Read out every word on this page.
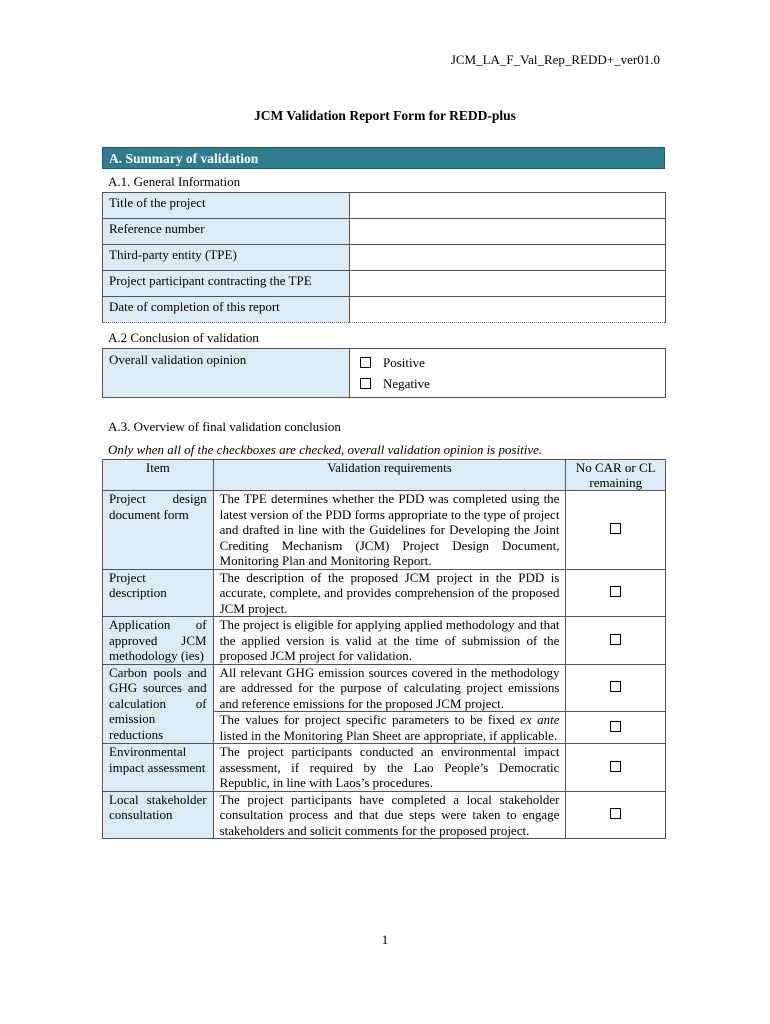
JCM_LA_F_Val_Rep_REDD+_ver01.0
JCM Validation Report Form for REDD-plus
A. Summary of validation
A.1. General Information
Title of the project	
Reference number	
Third-party entity (TPE)	
Project participant contracting the TPE	
Date of completion of this report	
A.2 Conclusion of validation
Overall validation opinion	Positive
Negative
A.3. Overview of final validation conclusion
Only when all of the checkboxes are checked, overall validation opinion is positive.
Item	Validation requirements	No CAR or CL remaining
Project design document form	The TPE determines whether the PDD was completed using the latest version of the PDD forms appropriate to the type of project and drafted in line with the Guidelines for Developing the Joint Crediting Mechanism (JCM) Project Design Document, Monitoring Plan and Monitoring Report.	
Project description	The description of the proposed JCM project in the PDD is accurate, complete, and provides comprehension of the proposed JCM project.	
Application of approved JCM methodology (ies)	The project is eligible for applying applied methodology and that the applied version is valid at the time of submission of the proposed JCM project for validation.	
Carbon pools and GHG sources and calculation of emission reductions	All relevant GHG emission sources covered in the methodology are addressed for the purpose of calculating project emissions and reference emissions for the proposed JCM project.	
	The values for project specific parameters to be fixed ex ante listed in the Monitoring Plan Sheet are appropriate, if applicable.	
Environmental impact assessment	The project participants conducted an environmental impact assessment, if required by the Lao People’s Democratic Republic, in line with Laos’s procedures.	
Local stakeholder consultation	The project participants have completed a local stakeholder consultation process and that due steps were taken to engage stakeholders and solicit comments for the proposed project.	
1
